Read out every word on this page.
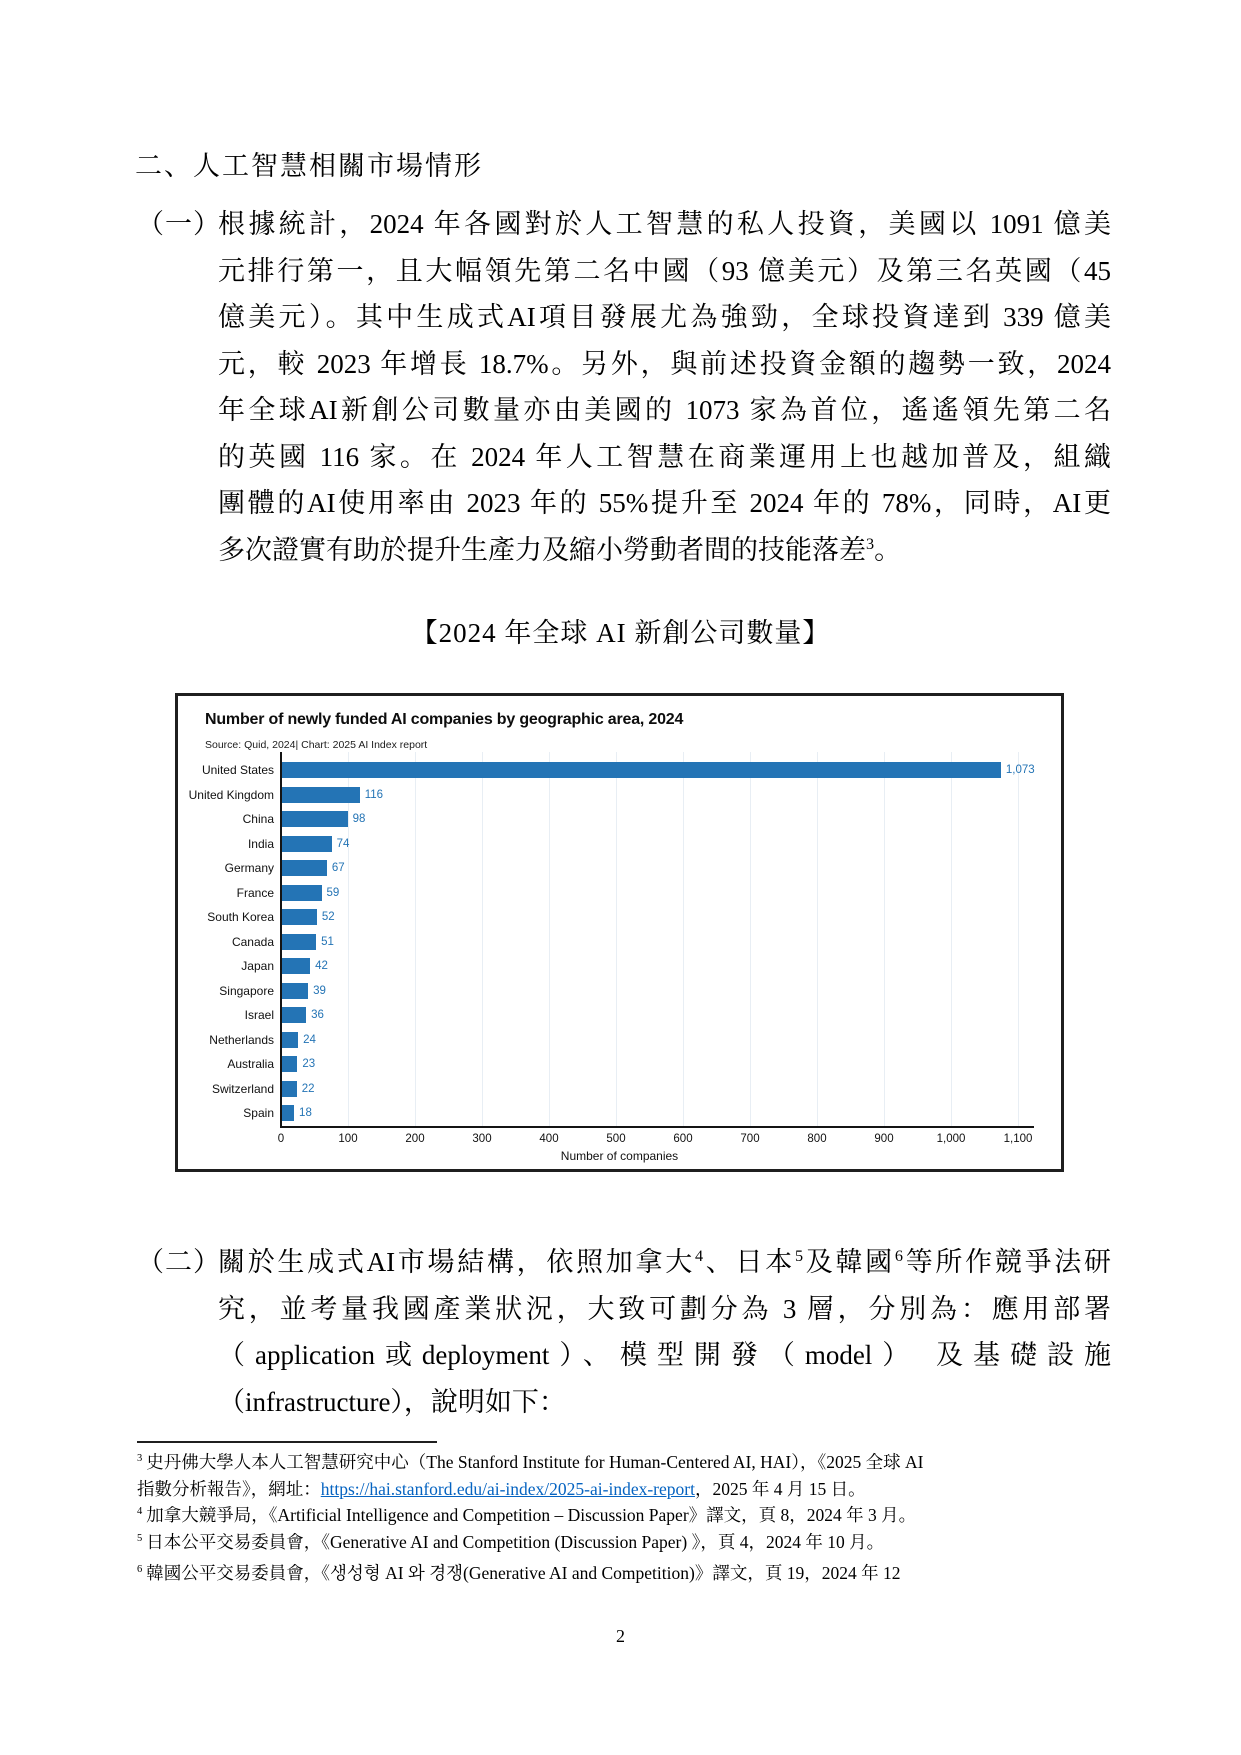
二、人工智慧相關市場情形
（一）
根據統計，2024 年各國對於人工智慧的私人投資，美國以 1091 億美
元排行第一，且大幅領先第二名中國（93 億美元）及第三名英國（45
億美元）。其中生成式AI項目發展尤為強勁，全球投資達到 339 億美
元，較 2023 年增長 18.7%。另外，與前述投資金額的趨勢一致，2024
年全球AI新創公司數量亦由美國的 1073 家為首位，遙遙領先第二名
的英國 116 家。在 2024 年人工智慧在商業運用上也越加普及，組織
團體的AI使用率由 2023 年的 55%提升至 2024 年的 78%，同時，AI更
多次證實有助於提升生產力及縮小勞動者間的技能落差$^3$。
【2024 年全球 AI 新創公司數量】
Number of newly funded AI companies by geographic area, 2024
Source: Quid, 2024| Chart: 2025 AI Index report
United States	1,073
United Kingdom	116
China	98
India	74
Germany	67
France	59
South Korea	52
Canada	51
Japan	42
Singapore	39
Israel	36
Netherlands	24
Australia	23
Switzerland	22
Spain	18
0	100	200	300	400	500	600	700	800	900	1,000	1,100
Number of companies
（二）
關於生成式AI市場結構，依照加拿大$^4$、日本$^5$及韓國$^6$等所作競爭法研
究，並考量我國產業狀況，大致可劃分為 3 層，分別為：應用部署
（application或deployment）、模型開發（model） 及基礎設施
（infrastructure），說明如下：
$^3$ 史丹佛大學人本人工智慧研究中心（The Stanford Institute for Human-Centered AI, HAI），《2025 全球 AI
指數分析報告》，網址：https://hai.stanford.edu/ai-index/2025-ai-index-report，2025 年 4 月 15 日。
$^4$ 加拿大競爭局，《Artificial Intelligence and Competition – Discussion Paper》譯文，頁 8，2024 年 3 月。
$^5$ 日本公平交易委員會，《Generative AI and Competition (Discussion Paper) 》，頁 4，2024 年 10 月。
$^6$ 韓國公平交易委員會，《생성형 AI 와 경쟁(Generative AI and Competition)》譯文，頁 19，2024 年 12
2
